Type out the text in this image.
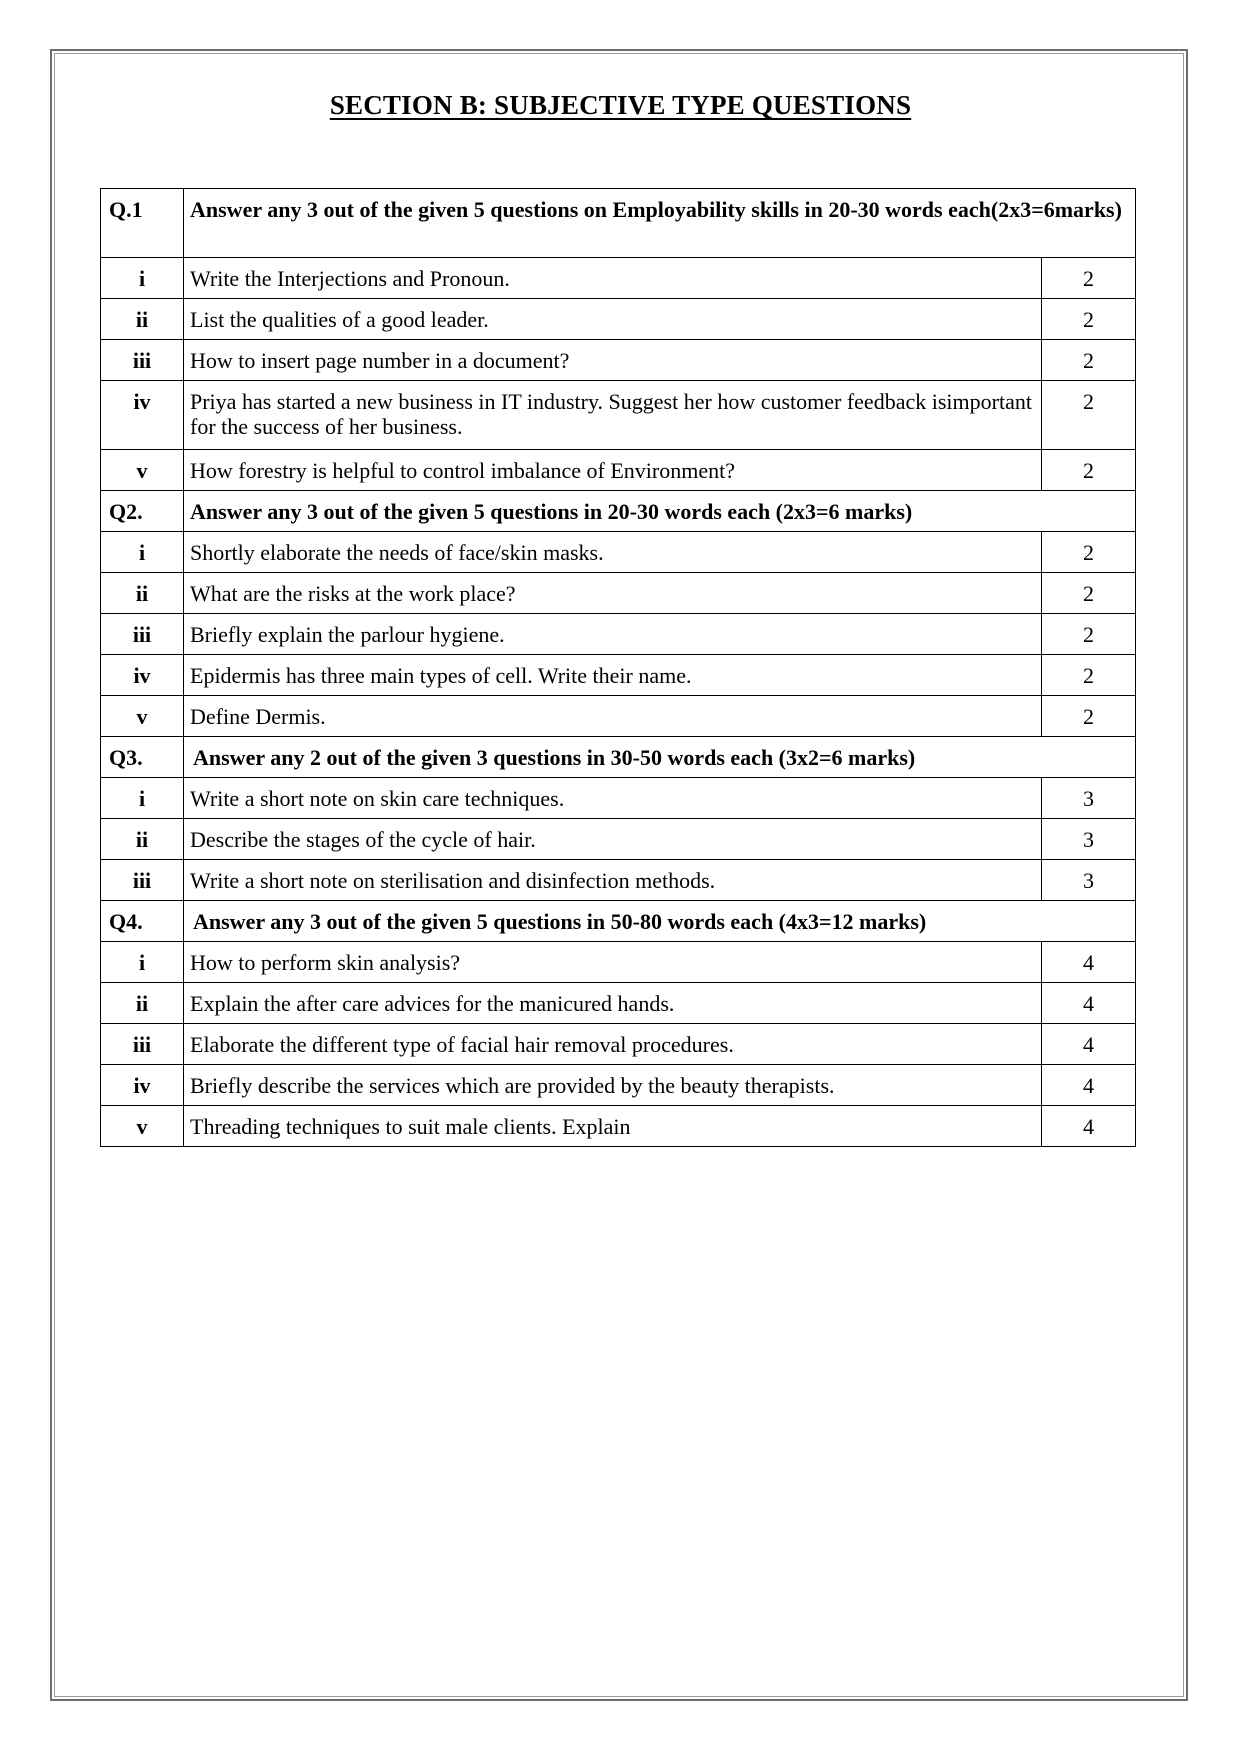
SECTION B: SUBJECTIVE TYPE QUESTIONS
Q.1	Answer any 3 out of the given 5 questions on Employability skills in 20-30 words each(2x3=6marks)	

i	Write the Interjections and Pronoun.	2

ii	List the qualities of a good leader.	2

iii	How to insert page number in a document?	2

iv	Priya has started a new business in IT industry. Suggest her how customer feedback isimportant for the success of her business.	2

v	How forestry is helpful to control imbalance of Environment?	2

Q2.	Answer any 3 out of the given 5 questions in 20-30 words each (2x3=6 marks)	

i	Shortly elaborate the needs of face/skin masks.	2

ii	What are the risks at the work place?	2

iii	Briefly explain the parlour hygiene.	2

iv	Epidermis has three main types of cell. Write their name.	2

v	Define Dermis.	2

Q3.	Answer any 2 out of the given 3 questions in 30-50 words each (3x2=6 marks)	

i	Write a short note on skin care techniques.	3

ii	Describe the stages of the cycle of hair.	3

iii	Write a short note on sterilisation and disinfection methods.	3

Q4.	Answer any 3 out of the given 5 questions in 50-80 words each (4x3=12 marks)	

i	How to perform skin analysis?	4

ii	Explain the after care advices for the manicured hands.	4

iii	Elaborate the different type of facial hair removal procedures.	4

iv	Briefly describe the services which are provided by the beauty therapists.	4

v	Threading techniques to suit male clients. Explain	4
